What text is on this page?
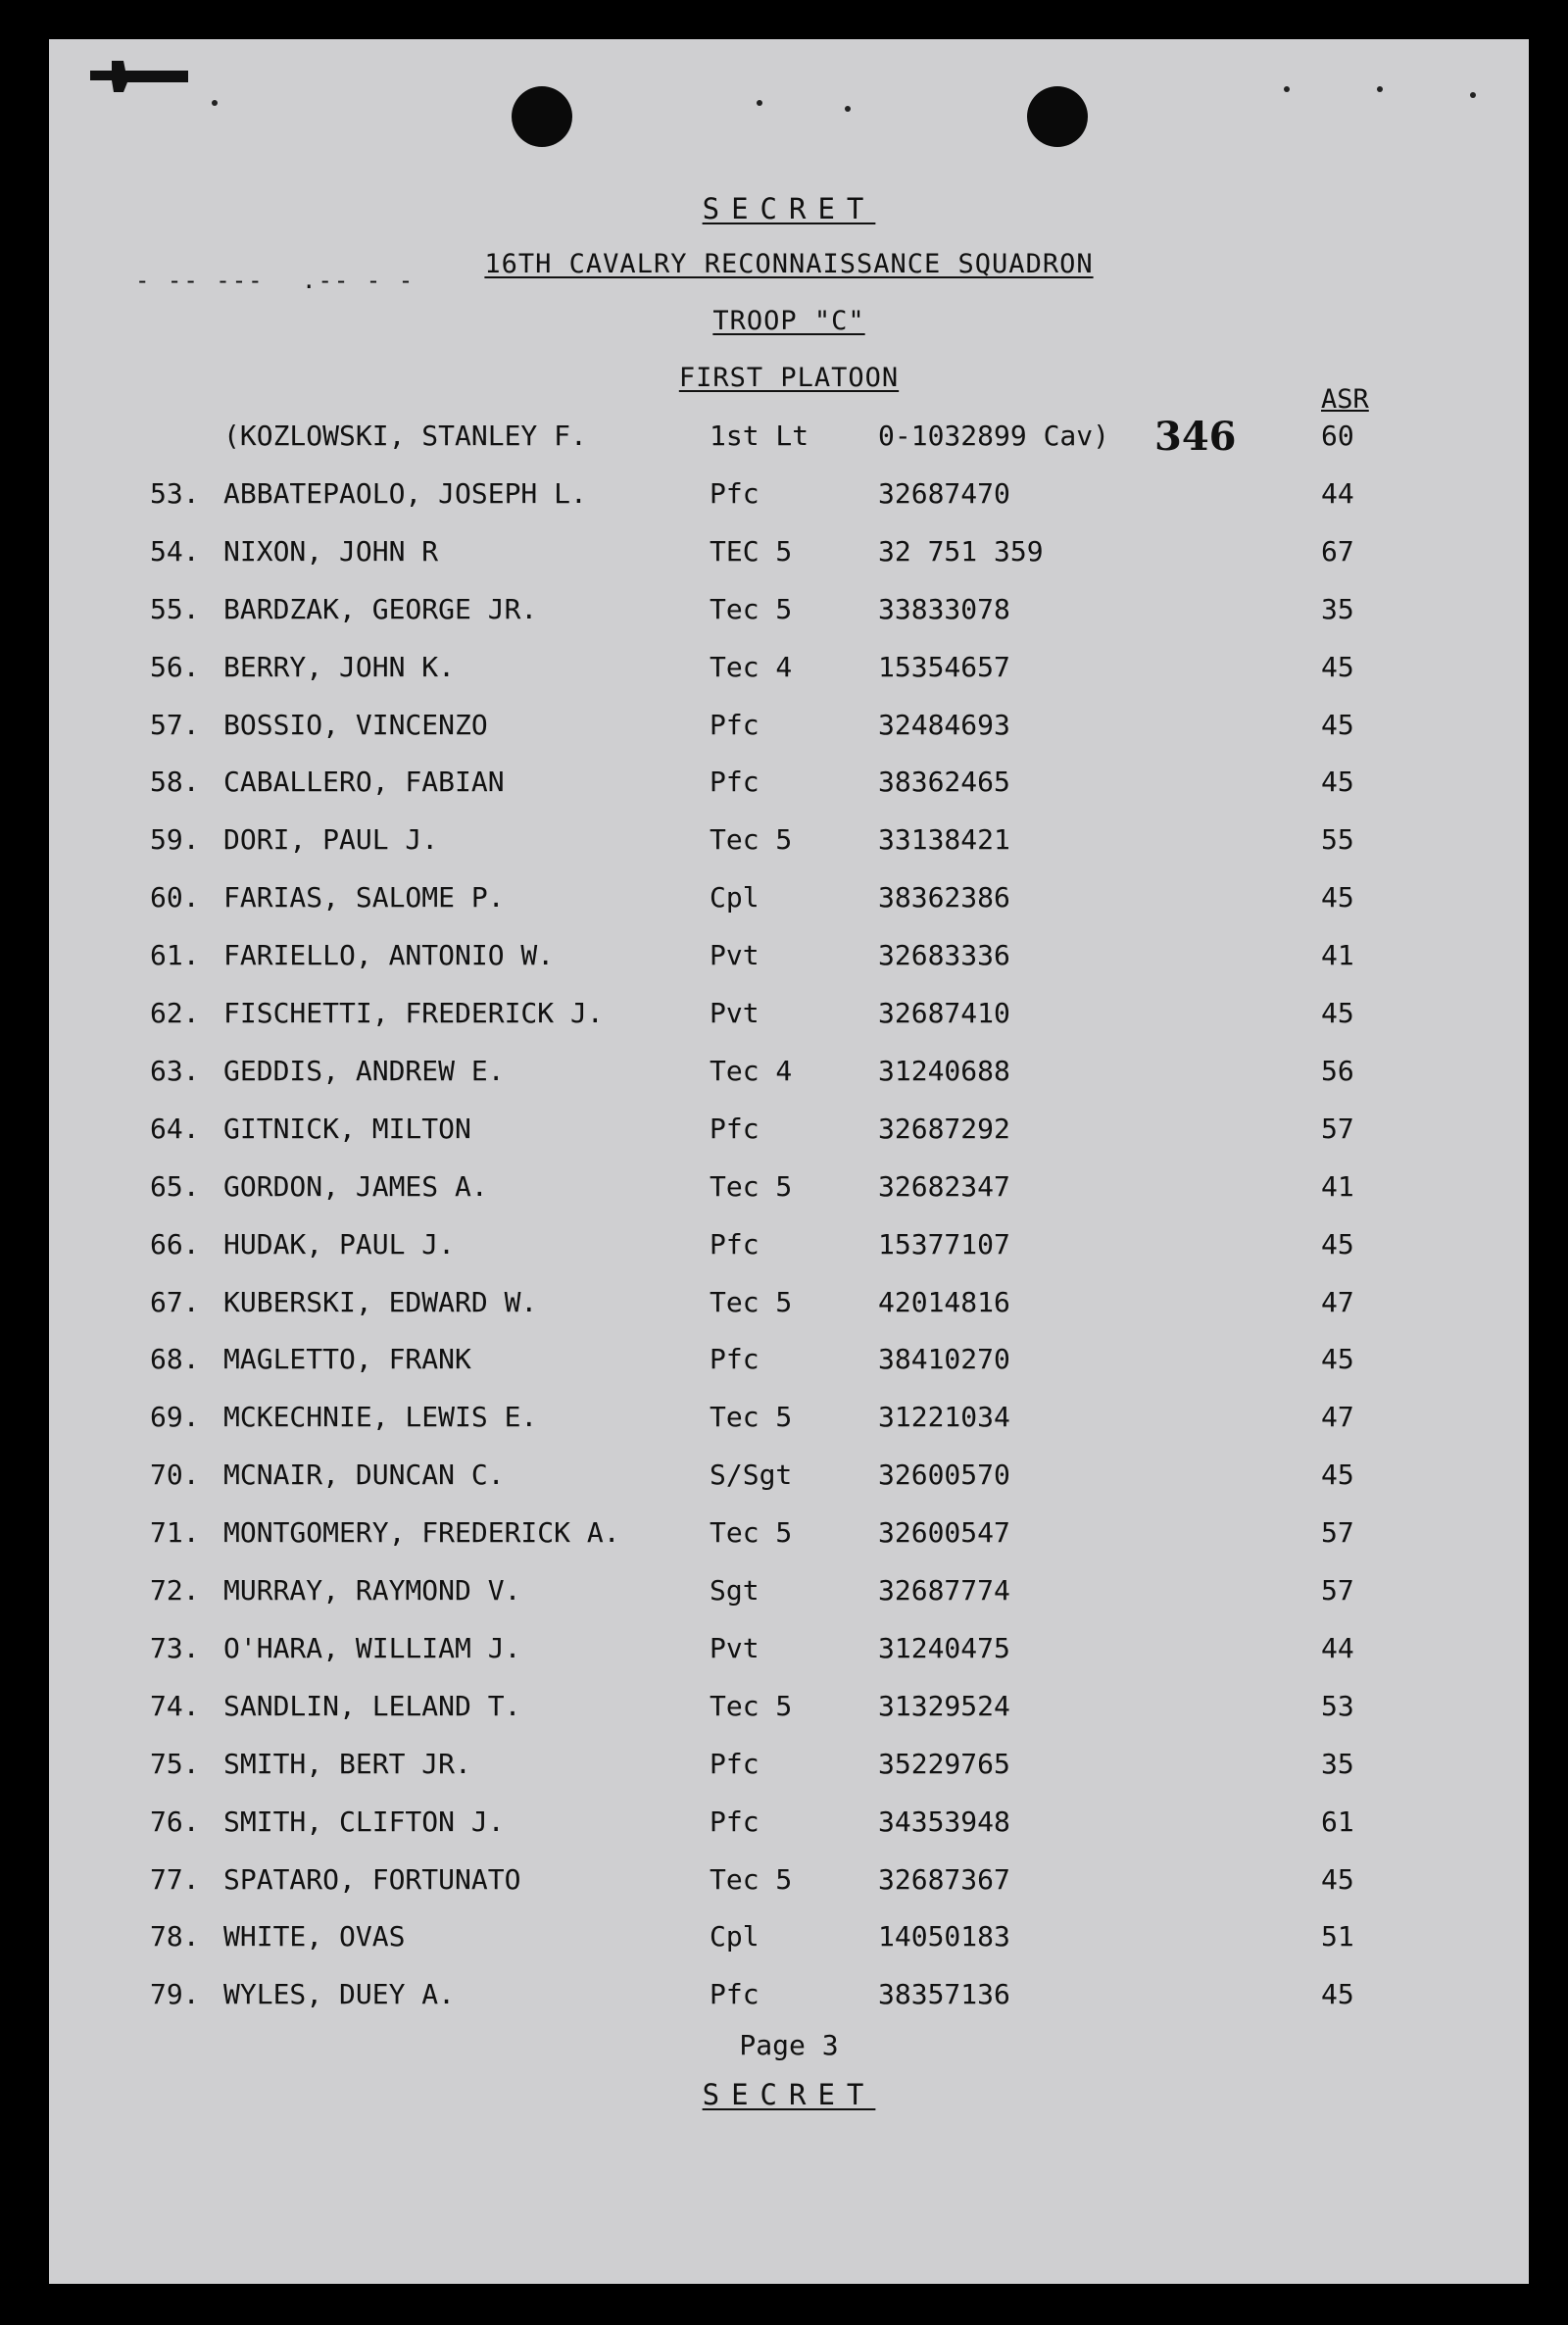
SECRET
- -- --- .-- - -
16TH CAVALRY RECONNAISSANCE SQUADRON
TROOP "C"
FIRST PLATOON
ASR
346
(KOZLOWSKI, STANLEY F.	1st Lt	0-1032899 Cav)	60
53. ABBATEPAOLO, JOSEPH L.	Pfc	32687470	44
54. NIXON, JOHN R	TEC 5	32 751 359	67
55. BARDZAK, GEORGE JR.	Tec 5	33833078	35
56. BERRY, JOHN K.	Tec 4	15354657	45
57. BOSSIO, VINCENZO	Pfc	32484693	45
58. CABALLERO, FABIAN	Pfc	38362465	45
59. DORI, PAUL J.	Tec 5	33138421	55
60. FARIAS, SALOME P.	Cpl	38362386	45
61. FARIELLO, ANTONIO W.	Pvt	32683336	41
62. FISCHETTI, FREDERICK J.	Pvt	32687410	45
63. GEDDIS, ANDREW E.	Tec 4	31240688	56
64. GITNICK, MILTON	Pfc	32687292	57
65. GORDON, JAMES A.	Tec 5	32682347	41
66. HUDAK, PAUL J.	Pfc	15377107	45
67. KUBERSKI, EDWARD W.	Tec 5	42014816	47
68. MAGLETTO, FRANK	Pfc	38410270	45
69. MCKECHNIE, LEWIS E.	Tec 5	31221034	47
70. MCNAIR, DUNCAN C.	S/Sgt	32600570	45
71. MONTGOMERY, FREDERICK A.	Tec 5	32600547	57
72. MURRAY, RAYMOND V.	Sgt	32687774	57
73. O'HARA, WILLIAM J.	Pvt	31240475	44
74. SANDLIN, LELAND T.	Tec 5	31329524	53
75. SMITH, BERT JR.	Pfc	35229765	35
76. SMITH, CLIFTON J.	Pfc	34353948	61
77. SPATARO, FORTUNATO	Tec 5	32687367	45
78. WHITE, OVAS	Cpl	14050183	51
79. WYLES, DUEY A.	Pfc	38357136	45
Page 3
SECRET
